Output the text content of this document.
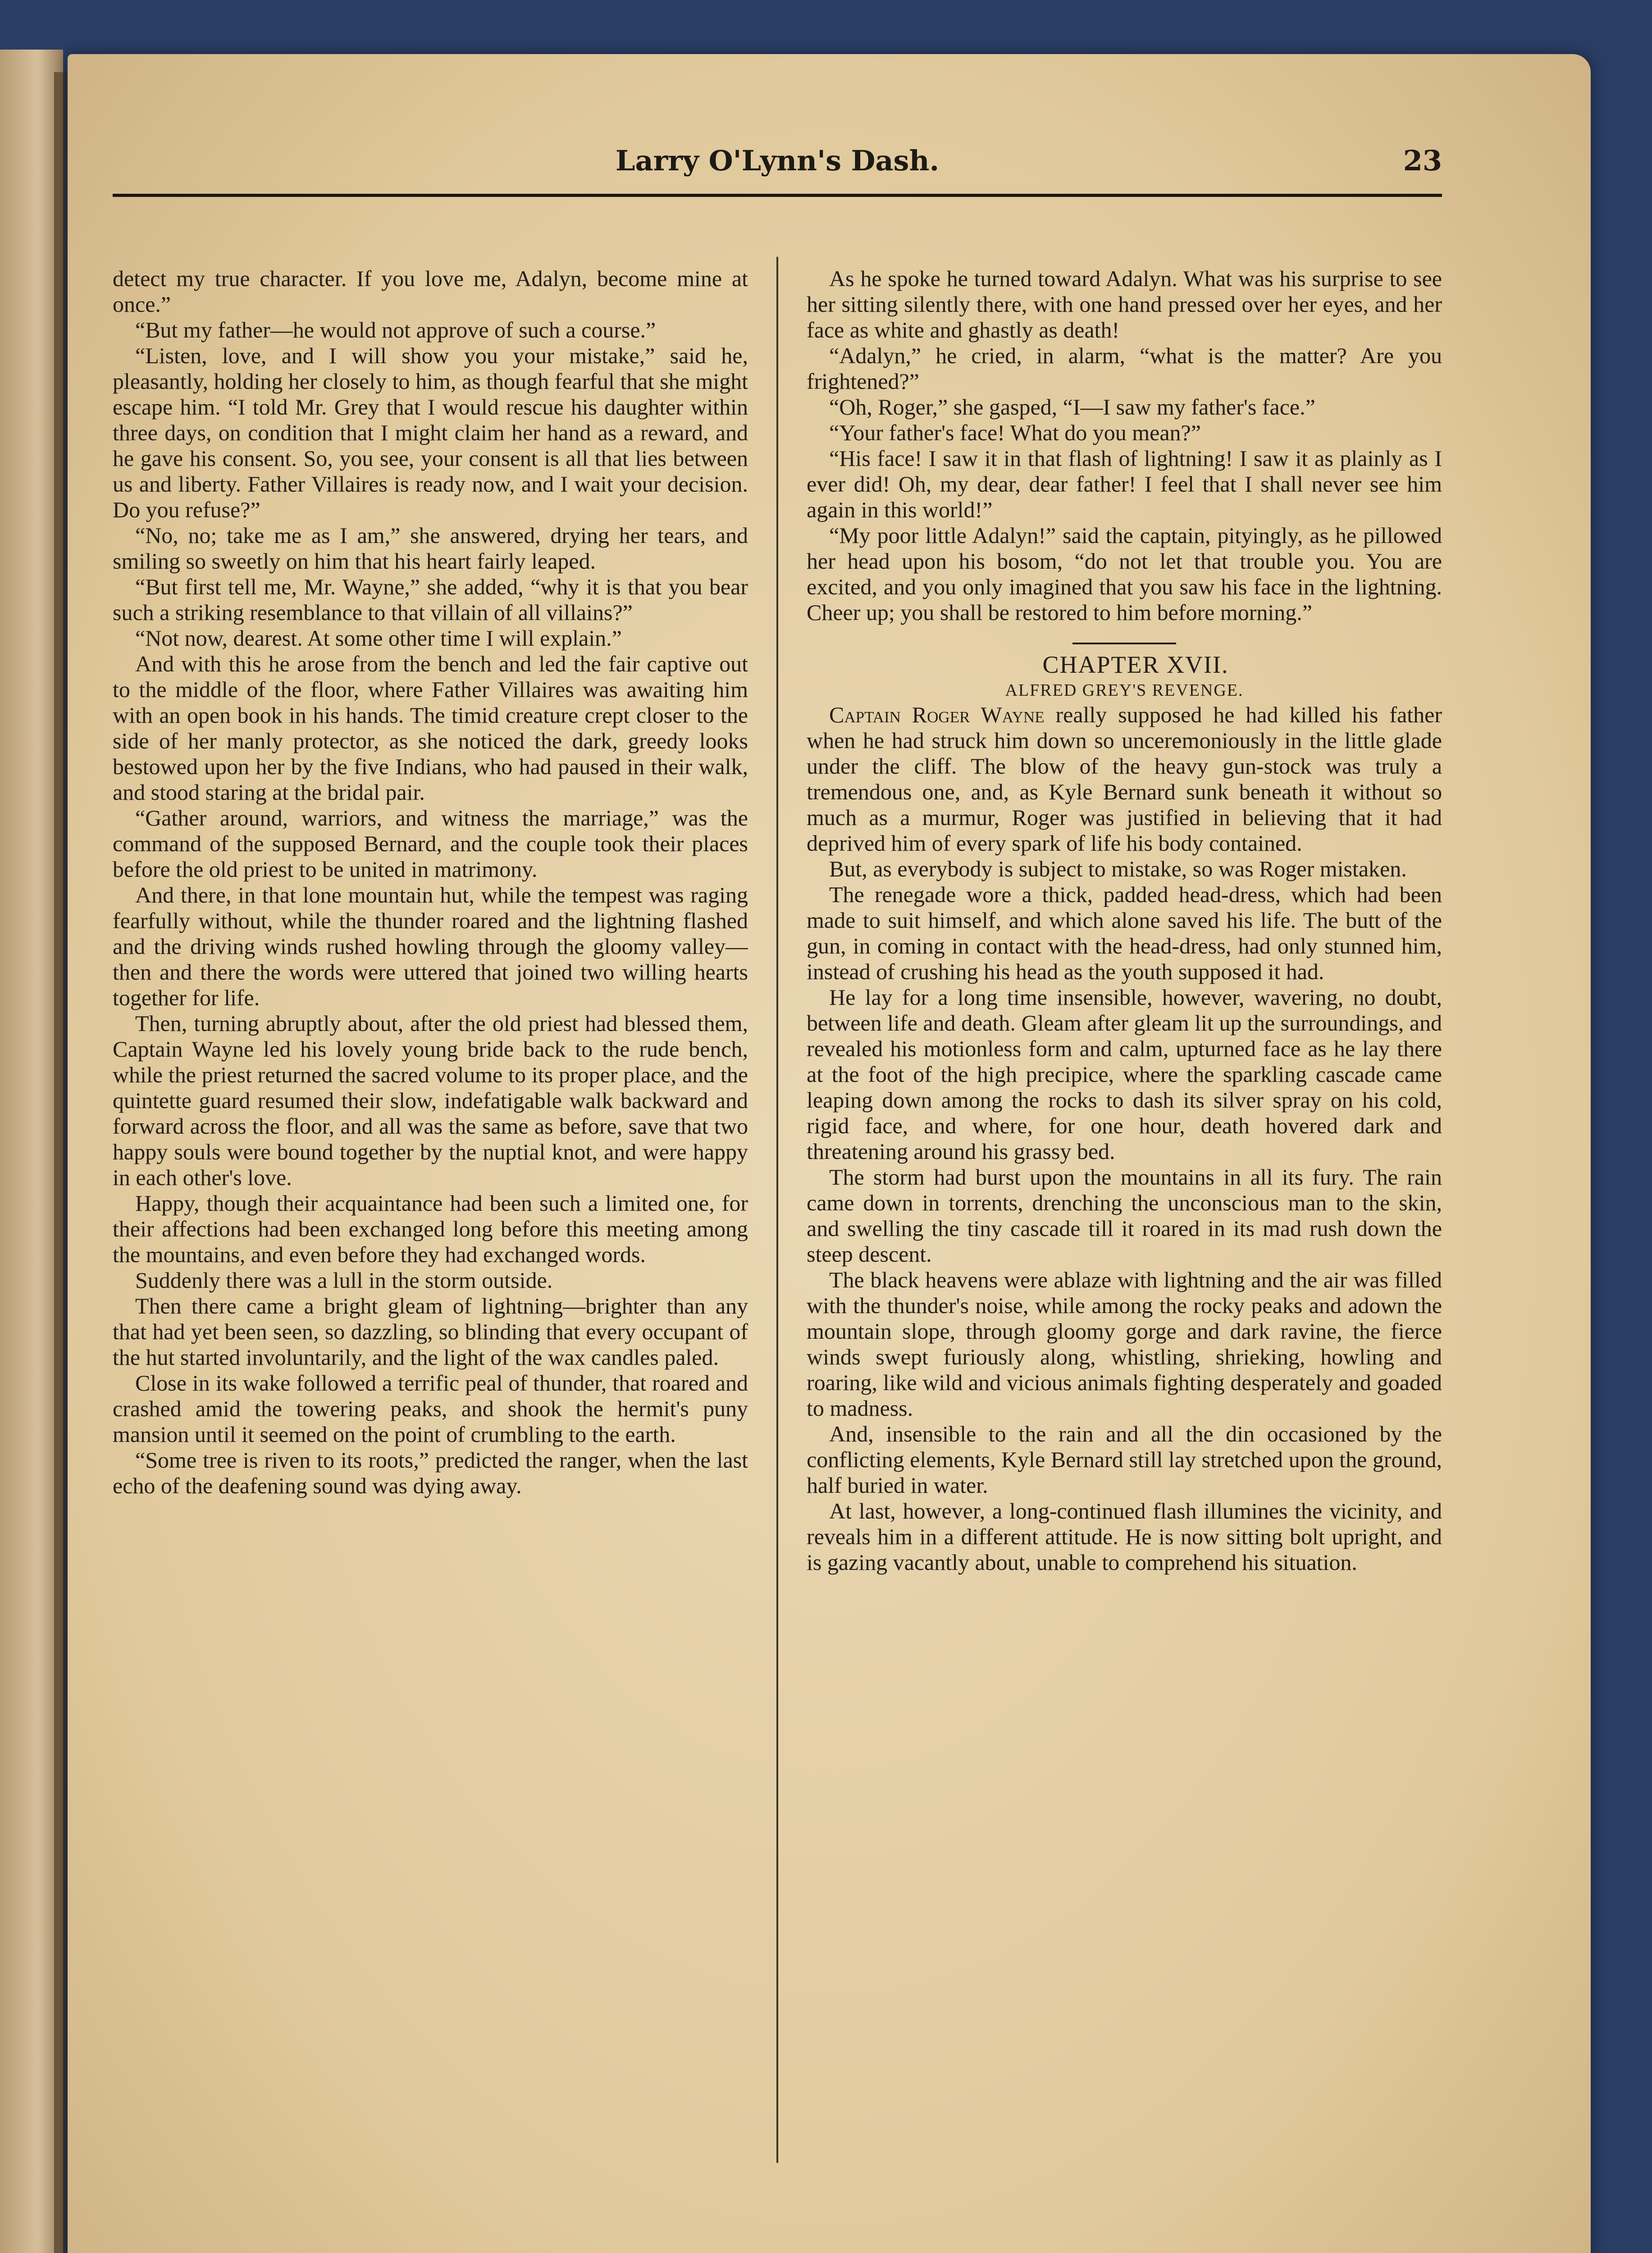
Larry O'Lynn's Dash.	23

detect my true character. If you love me, Adalyn, become mine at once.”

“But my father—he would not approve of such a course.”

“Listen, love, and I will show you your mistake,” said he, pleasantly, holding her closely to him, as though fearful that she might escape him. “I told Mr. Grey that I would rescue his daughter within three days, on condition that I might claim her hand as a reward, and he gave his consent. So, you see, your consent is all that lies between us and liberty. Father Villaires is ready now, and I wait your decision. Do you refuse?”

“No, no; take me as I am,” she answered, drying her tears, and smiling so sweetly on him that his heart fairly leaped.

“But first tell me, Mr. Wayne,” she added, “why it is that you bear such a striking resemblance to that villain of all villains?”

“Not now, dearest. At some other time I will explain.”

And with this he arose from the bench and led the fair captive out to the middle of the floor, where Father Villaires was awaiting him with an open book in his hands. The timid creature crept closer to the side of her manly protector, as she noticed the dark, greedy looks bestowed upon her by the five Indians, who had paused in their walk, and stood staring at the bridal pair.

“Gather around, warriors, and witness the marriage,” was the command of the supposed Bernard, and the couple took their places before the old priest to be united in matrimony.

And there, in that lone mountain hut, while the tempest was raging fearfully without, while the thunder roared and the lightning flashed and the driving winds rushed howling through the gloomy valley—then and there the words were uttered that joined two willing hearts together for life.

Then, turning abruptly about, after the old priest had blessed them, Captain Wayne led his lovely young bride back to the rude bench, while the priest returned the sacred volume to its proper place, and the quintette guard resumed their slow, indefatigable walk backward and forward across the floor, and all was the same as before, save that two happy souls were bound together by the nuptial knot, and were happy in each other's love.

Happy, though their acquaintance had been such a limited one, for their affections had been exchanged long before this meeting among the mountains, and even before they had exchanged words.

Suddenly there was a lull in the storm outside.

Then there came a bright gleam of lightning—brighter than any that had yet been seen, so dazzling, so blinding that every occupant of the hut started involuntarily, and the light of the wax candles paled.

Close in its wake followed a terrific peal of thunder, that roared and crashed amid the towering peaks, and shook the hermit's puny mansion until it seemed on the point of crumbling to the earth.

“Some tree is riven to its roots,” predicted the ranger, when the last echo of the deafening sound was dying away.

As he spoke he turned toward Adalyn. What was his surprise to see her sitting silently there, with one hand pressed over her eyes, and her face as white and ghastly as death!

“Adalyn,” he cried, in alarm, “what is the matter? Are you frightened?”

“Oh, Roger,” she gasped, “I—I saw my father's face.”

“Your father's face! What do you mean?”

“His face! I saw it in that flash of lightning! I saw it as plainly as I ever did! Oh, my dear, dear father! I feel that I shall never see him again in this world!”

“My poor little Adalyn!” said the captain, pityingly, as he pillowed her head upon his bosom, “do not let that trouble you. You are excited, and you only imagined that you saw his face in the lightning. Cheer up; you shall be restored to him before morning.”

CHAPTER XVII.

ALFRED GREY'S REVENGE.

Captain Roger Wayne really supposed he had killed his father when he had struck him down so unceremoniously in the little glade under the cliff. The blow of the heavy gun-stock was truly a tremendous one, and, as Kyle Bernard sunk beneath it without so much as a murmur, Roger was justified in believing that it had deprived him of every spark of life his body contained.

But, as everybody is subject to mistake, so was Roger mistaken.

The renegade wore a thick, padded head-dress, which had been made to suit himself, and which alone saved his life. The butt of the gun, in coming in contact with the head-dress, had only stunned him, instead of crushing his head as the youth supposed it had.

He lay for a long time insensible, however, wavering, no doubt, between life and death. Gleam after gleam lit up the surroundings, and revealed his motionless form and calm, upturned face as he lay there at the foot of the high precipice, where the sparkling cascade came leaping down among the rocks to dash its silver spray on his cold, rigid face, and where, for one hour, death hovered dark and threatening around his grassy bed.

The storm had burst upon the mountains in all its fury. The rain came down in torrents, drenching the unconscious man to the skin, and swelling the tiny cascade till it roared in its mad rush down the steep descent.

The black heavens were ablaze with lightning and the air was filled with the thunder's noise, while among the rocky peaks and adown the mountain slope, through gloomy gorge and dark ravine, the fierce winds swept furiously along, whistling, shrieking, howling and roaring, like wild and vicious animals fighting desperately and goaded to madness.

And, insensible to the rain and all the din occasioned by the conflicting elements, Kyle Bernard still lay stretched upon the ground, half buried in water.

At last, however, a long-continued flash illumines the vicinity, and reveals him in a different attitude. He is now sitting bolt upright, and is gazing vacantly about, unable to comprehend his situation.
